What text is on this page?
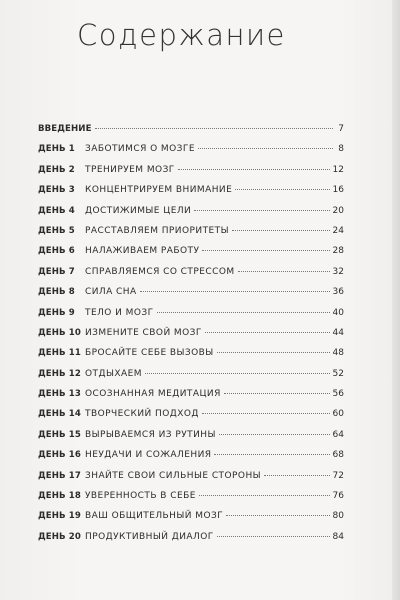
Содержание
ВВЕДЕНИЕ	7
ДЕНЬ 1	ЗАБОТИМСЯ О МОЗГЕ	8
ДЕНЬ 2	ТРЕНИРУЕМ МОЗГ	12
ДЕНЬ 3	КОНЦЕНТРИРУЕМ ВНИМАНИЕ	16
ДЕНЬ 4	ДОСТИЖИМЫЕ ЦЕЛИ	20
ДЕНЬ 5	РАССТАВЛЯЕМ ПРИОРИТЕТЫ	24
ДЕНЬ 6	НАЛАЖИВАЕМ РАБОТУ	28
ДЕНЬ 7	СПРАВЛЯЕМСЯ СО СТРЕССОМ	32
ДЕНЬ 8	СИЛА СНА	36
ДЕНЬ 9	ТЕЛО И МОЗГ	40
ДЕНЬ 10 ИЗМЕНИТЕ СВОЙ МОЗГ	44
ДЕНЬ 11 БРОСАЙТЕ СЕБЕ ВЫЗОВЫ	48
ДЕНЬ 12 ОТДЫХАЕМ	52
ДЕНЬ 13 ОСОЗНАННАЯ МЕДИТАЦИЯ	56
ДЕНЬ 14 ТВОРЧЕСКИЙ ПОДХОД	60
ДЕНЬ 15 ВЫРЫВАЕМСЯ ИЗ РУТИНЫ	64
ДЕНЬ 16 НЕУДАЧИ И СОЖАЛЕНИЯ	68
ДЕНЬ 17 ЗНАЙТЕ СВОИ СИЛЬНЫЕ СТОРОНЫ	72
ДЕНЬ 18 УВЕРЕННОСТЬ В СЕБЕ	76
ДЕНЬ 19 ВАШ ОБЩИТЕЛЬНЫЙ МОЗГ	80
ДЕНЬ 20 ПРОДУКТИВНЫЙ ДИАЛОГ	84
